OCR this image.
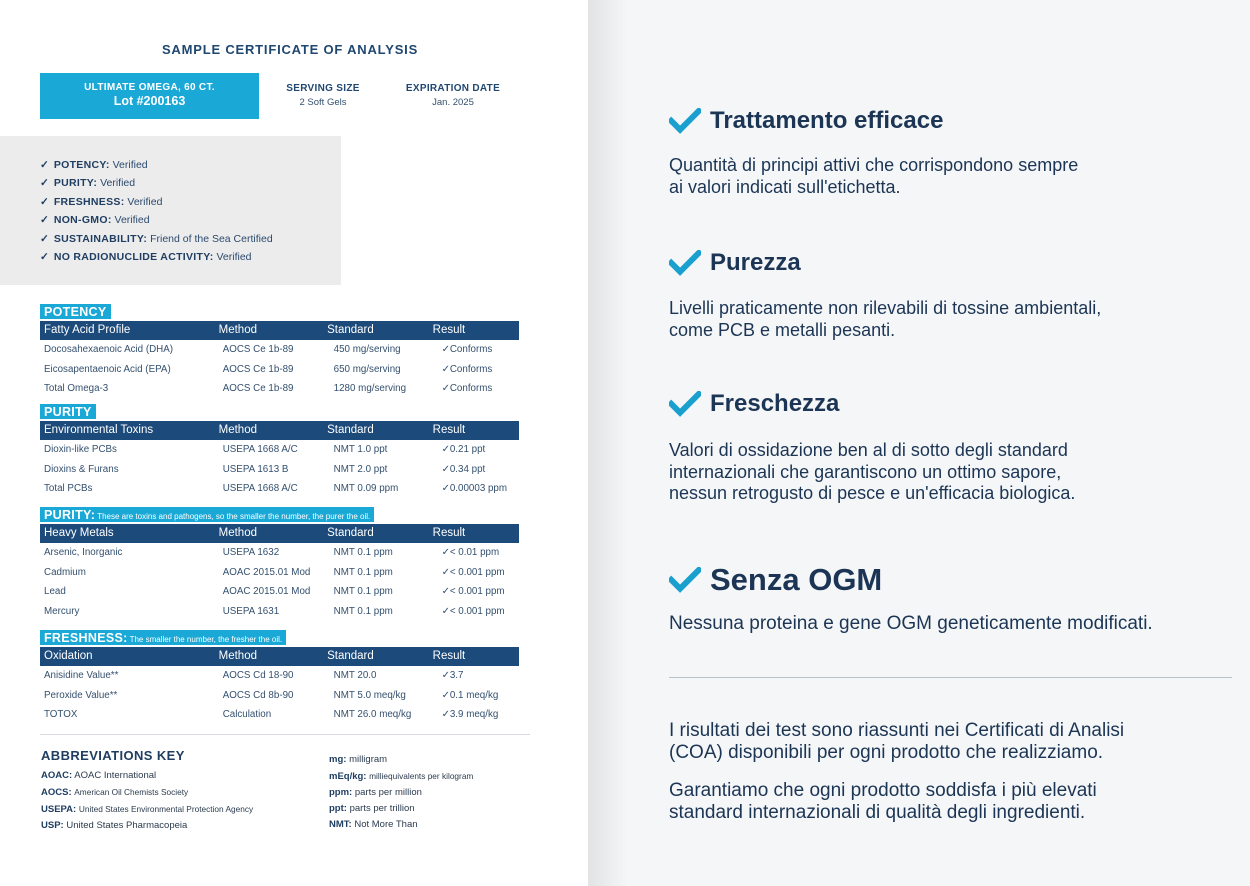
SAMPLE CERTIFICATE OF ANALYSIS
ULTIMATE OMEGA, 60 CT.
Lot #200163
SERVING SIZE
2 Soft Gels
EXPIRATION DATE
Jan. 2025
✓ POTENCY: Verified
✓ PURITY: Verified
✓ FRESHNESS: Verified
✓ NON-GMO: Verified
✓ SUSTAINABILITY: Friend of the Sea Certified
✓ NO RADIONUCLIDE ACTIVITY: Verified
POTENCY
Fatty Acid Profile	Method	Standard	Result
Docosahexaenoic Acid (DHA)	AOCS Ce 1b-89	450 mg/serving	✓Conforms
Eicosapentaenoic Acid (EPA)	AOCS Ce 1b-89	650 mg/serving	✓Conforms
Total Omega-3	AOCS Ce 1b-89	1280 mg/serving	✓Conforms
PURITY
Environmental Toxins	Method	Standard	Result
Dioxin-like PCBs	USEPA 1668 A/C	NMT 1.0 ppt	✓0.21 ppt
Dioxins & Furans	USEPA 1613 B	NMT 2.0 ppt	✓0.34 ppt
Total PCBs	USEPA 1668 A/C	NMT 0.09 ppm	✓0.00003 ppm
PURITY: These are toxins and pathogens, so the smaller the number, the purer the oil.
Heavy Metals	Method	Standard	Result
Arsenic, Inorganic	USEPA 1632	NMT 0.1 ppm	✓< 0.01 ppm
Cadmium	AOAC 2015.01 Mod	NMT 0.1 ppm	✓< 0.001 ppm
Lead	AOAC 2015.01 Mod	NMT 0.1 ppm	✓< 0.001 ppm
Mercury	USEPA 1631	NMT 0.1 ppm	✓< 0.001 ppm
FRESHNESS: The smaller the number, the fresher the oil.
Oxidation	Method	Standard	Result
Anisidine Value**	AOCS Cd 18-90	NMT 20.0	✓3.7
Peroxide Value**	AOCS Cd 8b-90	NMT 5.0 meq/kg	✓0.1 meq/kg
TOTOX	Calculation	NMT 26.0 meq/kg	✓3.9 meq/kg
ABBREVIATIONS KEY
AOAC: AOAC International
AOCS: American Oil Chemists Society
USEPA: United States Environmental Protection Agency
USP: United States Pharmacopeia
mg: milligram
mEq/kg: milliequivalents per kilogram
ppm: parts per million
ppt: parts per trillion
NMT: Not More Than
Trattamento efficace
Quantità di principi attivi che corrispondono sempre
ai valori indicati sull'etichetta.
Purezza
Livelli praticamente non rilevabili di tossine ambientali,
come PCB e metalli pesanti.
Freschezza
Valori di ossidazione ben al di sotto degli standard
internazionali che garantiscono un ottimo sapore,
nessun retrogusto di pesce e un'efficacia biologica.
Senza OGM
Nessuna proteina e gene OGM geneticamente modificati.
I risultati dei test sono riassunti nei Certificati di Analisi
(COA) disponibili per ogni prodotto che realizziamo.
Garantiamo che ogni prodotto soddisfa i più elevati
standard internazionali di qualità degli ingredienti.
